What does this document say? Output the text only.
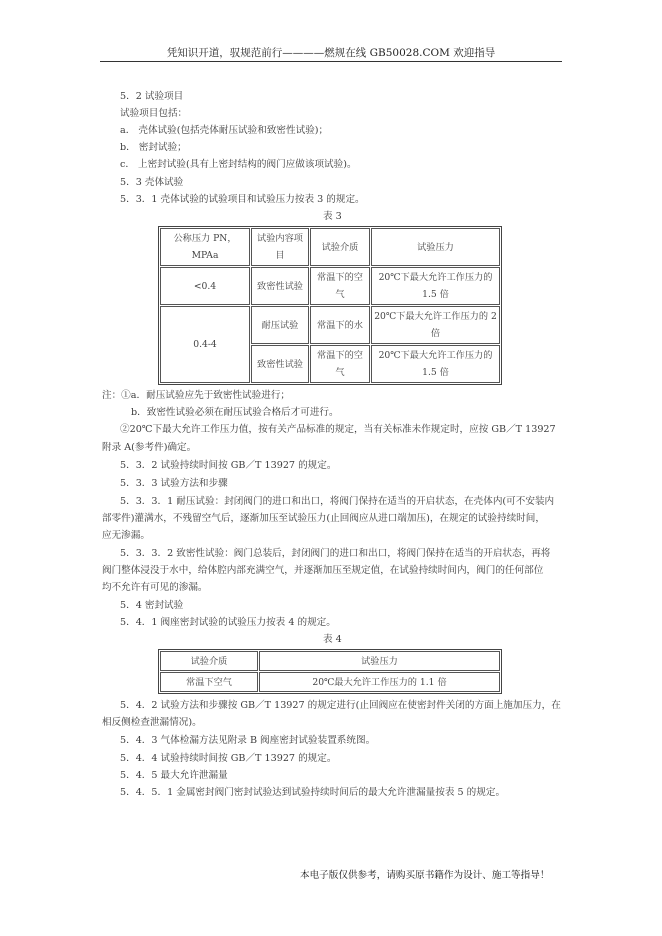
凭知识开道，驭规范前行————燃规在线 GB50028.COM 欢迎指导
5．2 试验项目
试验项目包括：
a． 壳体试验(包括壳体耐压试验和致密性试验)；
b． 密封试验；
c． 上密封试验(具有上密封结构的阀门应做该项试验)。
5．3 壳体试验
5．3．1 壳体试验的试验项目和试验压力按表 3 的规定。
表 3
公称压力 PN，MPAa	试验内容项目	试验介质	试验压力
<0.4	致密性试验	常温下的空气	20℃下最大允许工作压力的 1.5 倍
0.4-4	耐压试验	常温下的水	20℃下最大允许工作压力的 2 倍
	致密性试验	常温下的空气	20℃下最大允许工作压力的 1.5 倍
注：①a．耐压试验应先于致密性试验进行；
b．致密性试验必须在耐压试验合格后才可进行。
②20℃下最大允许工作压力值，按有关产品标准的规定，当有关标准未作规定时，应按 GB／T 13927
附录 A(参考件)确定。
5．3．2 试验持续时间按 GB／T 13927 的规定。
5．3．3 试验方法和步骤
5．3．3．1 耐压试验：封闭阀门的进口和出口，将阀门保持在适当的开启状态，在壳体内(可不安装内
部零件)灌满水，不残留空气后，逐渐加压至试验压力(止回阀应从进口端加压)，在规定的试验持续时间，
应无渗漏。
5．3．3．2 致密性试验：阀门总装后，封闭阀门的进口和出口，将阀门保持在适当的开启状态，再将
阀门整体浸没于水中，给体腔内部充满空气，并逐渐加压至规定值，在试验持续时间内，阀门的任何部位
均不允许有可见的渗漏。
5．4 密封试验
5．4．1 阀座密封试验的试验压力按表 4 的规定。
表 4
试验介质	试验压力
常温下空气	20℃最大允许工作压力的 1.1 倍
5．4．2 试验方法和步骤按 GB／T 13927 的规定进行(止回阀应在使密封件关闭的方面上施加压力，在
相反侧检查泄漏情况)。
5．4．3 气体检漏方法见附录 B 阀座密封试验装置系统图。
5．4．4 试验持续时间按 GB／T 13927 的规定。
5．4．5 最大允许泄漏量
5．4．5．1 金属密封阀门密封试验达到试验持续时间后的最大允许泄漏量按表 5 的规定。
本电子版仅供参考，请购买原书籍作为设计、施工等指导！
